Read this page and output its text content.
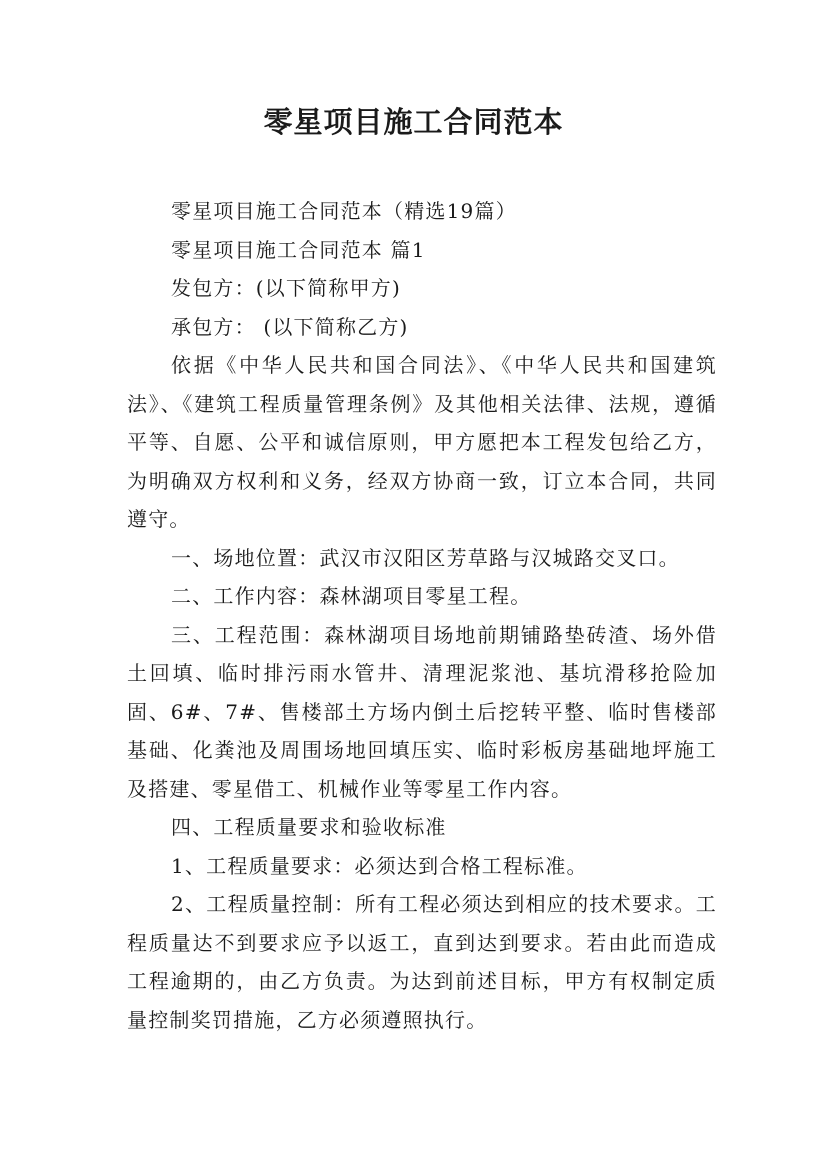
零星项目施工合同范本

零星项目施工合同范本（精选19篇）

零星项目施工合同范本 篇1

发包方：(以下简称甲方)

承包方： (以下简称乙方)

依据《中华人民共和国合同法》、《中华人民共和国建筑法》、《建筑工程质量管理条例》及其他相关法律、法规，遵循平等、自愿、公平和诚信原则，甲方愿把本工程发包给乙方，为明确双方权利和义务，经双方协商一致，订立本合同，共同遵守。

一、场地位置：武汉市汉阳区芳草路与汉城路交叉口。

二、工作内容：森林湖项目零星工程。

三、工程范围：森林湖项目场地前期铺路垫砖渣、场外借土回填、临时排污雨水管井、清理泥浆池、基坑滑移抢险加固、6#、7#、售楼部土方场内倒土后挖转平整、临时售楼部基础、化粪池及周围场地回填压实、临时彩板房基础地坪施工及搭建、零星借工、机械作业等零星工作内容。

四、工程质量要求和验收标准

1、工程质量要求：必须达到合格工程标准。

2、工程质量控制：所有工程必须达到相应的技术要求。工程质量达不到要求应予以返工，直到达到要求。若由此而造成工程逾期的，由乙方负责。为达到前述目标，甲方有权制定质量控制奖罚措施，乙方必须遵照执行。
